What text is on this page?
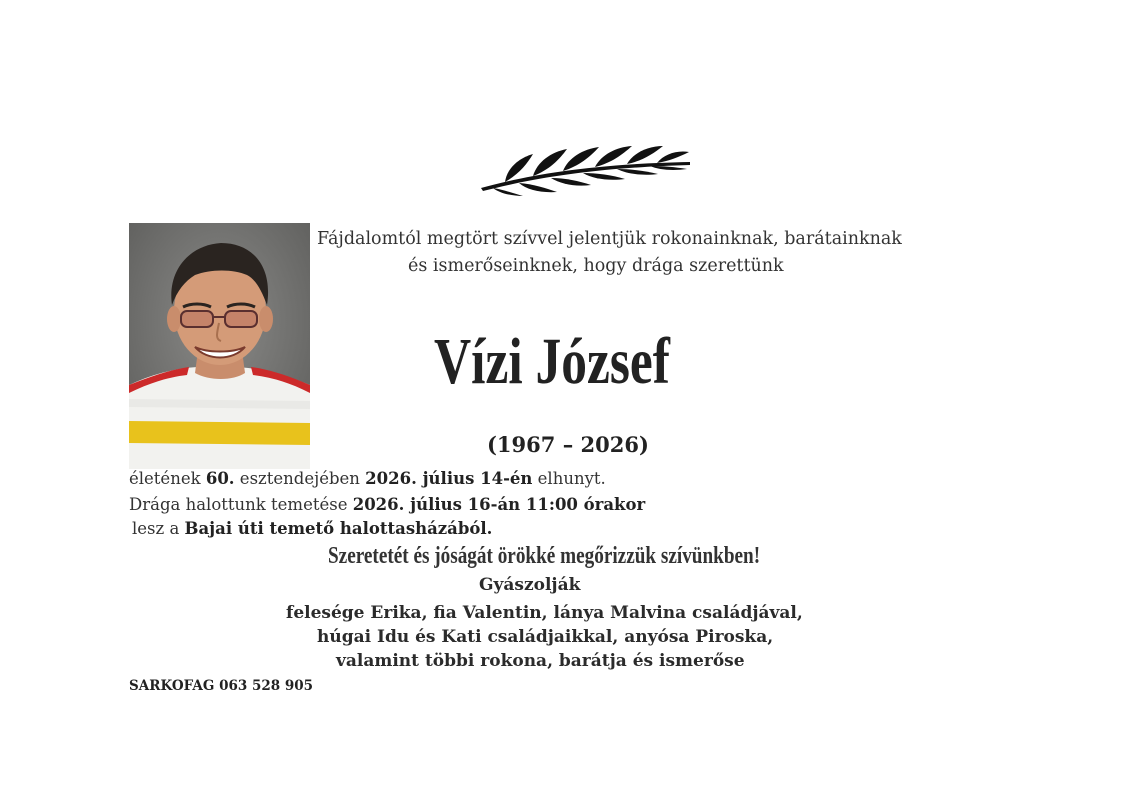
Fájdalomtól megtört szívvel jelentjük rokonainknak, barátainknak
és ismerőseinknek, hogy drága szerettünk
Vízi József
(1967 – 2026)
életének 60. esztendejében 2026. július 14-én elhunyt.
Drága halottunk temetése 2026. július 16-án 11:00 órakor
lesz a Bajai úti temető halottasházából.
Szeretetét és jóságát örökké megőrizzük szívünkben!
Gyászolják
felesége Erika, fia Valentin, lánya Malvina családjával,
húgai Idu és Kati családjaikkal, anyósa Piroska,
valamint többi rokona, barátja és ismerőse
SARKOFAG 063 528 905
